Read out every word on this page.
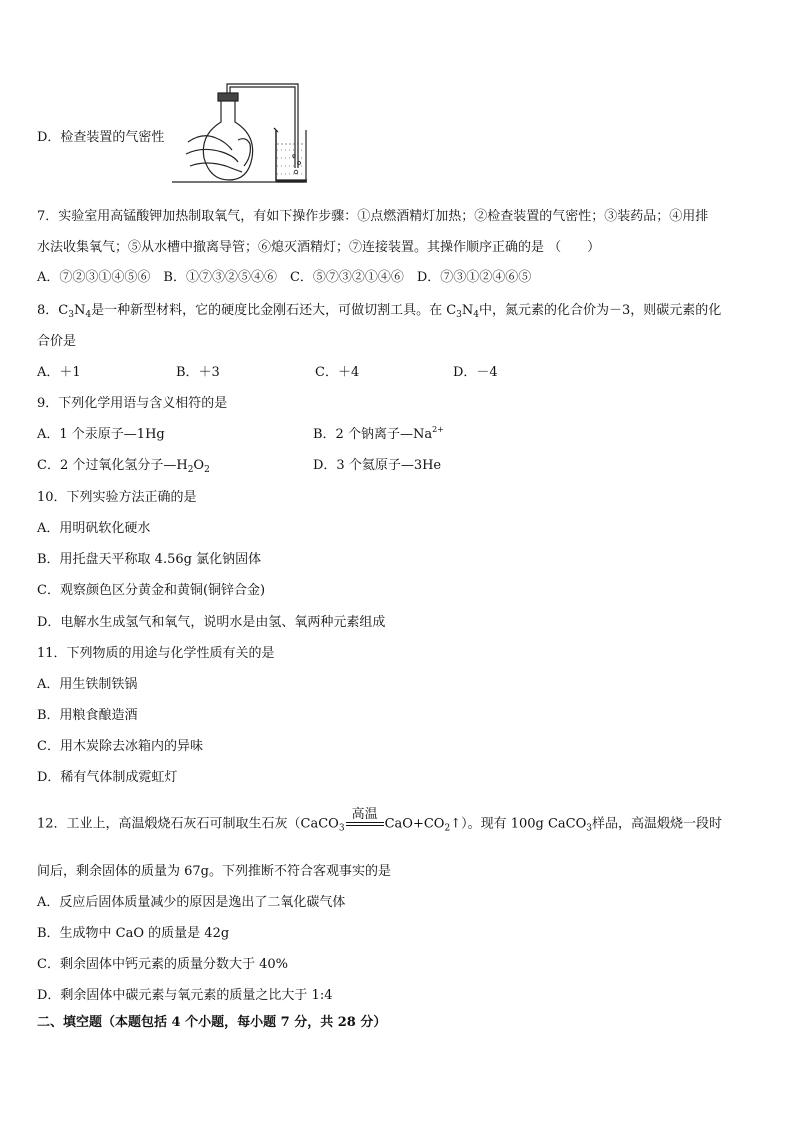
D．检查装置的气密性
7．实验室用高锰酸钾加热制取氧气，有如下操作步骤：①点燃酒精灯加热；②检查装置的气密性；③装药品；④用排
水法收集氧气；⑤从水槽中撤离导管；⑥熄灭酒精灯；⑦连接装置。其操作顺序正确的是 （　　）
A．⑦②③①④⑤⑥　B．①⑦③②⑤④⑥　C．⑤⑦③②①④⑥　D．⑦③①②④⑥⑤
8．$C_3N_4$是一种新型材料，它的硬度比金刚石还大，可做切割工具。在 $C_3N_4$中，氮元素的化合价为－3，则碳元素的化
合价是
A．＋1	B．＋3	C．＋4	D．－4
9．下列化学用语与含义相符的是
A．1 个汞原子—1Hg	B．2 个钠离子$—Na^{2+}$
C．2 个过氧化氢分子$—H_2O_2$	D．3 个氦原子—3He
10．下列实验方法正确的是
A．用明矾软化硬水
B．用托盘天平称取 4.56g 氯化钠固体
C．观察颜色区分黄金和黄铜(铜锌合金)
D．电解水生成氢气和氧气，说明水是由氢、氧两种元素组成
11．下列物质的用途与化学性质有关的是
A．用生铁制铁锅
B．用粮食酿造酒
C．用木炭除去冰箱内的异味
D．稀有气体制成霓虹灯
12．工业上，高温煅烧石灰石可制取生石灰（CaCO$_3$
高温

$CaO+CO_2↑$）。现有 100g CaCO$_3$样品，高温煅烧一段时
间后，剩余固体的质量为 67g。下列推断不符合客观事实的是
A．反应后固体质量减少的原因是逸出了二氧化碳气体
B．生成物中 CaO 的质量是 42g
C．剩余固体中钙元素的质量分数大于 40%
D．剩余固体中碳元素与氧元素的质量之比大于 1:4
二、填空题（本题包括 4 个小题，每小题 7 分，共 28 分）
